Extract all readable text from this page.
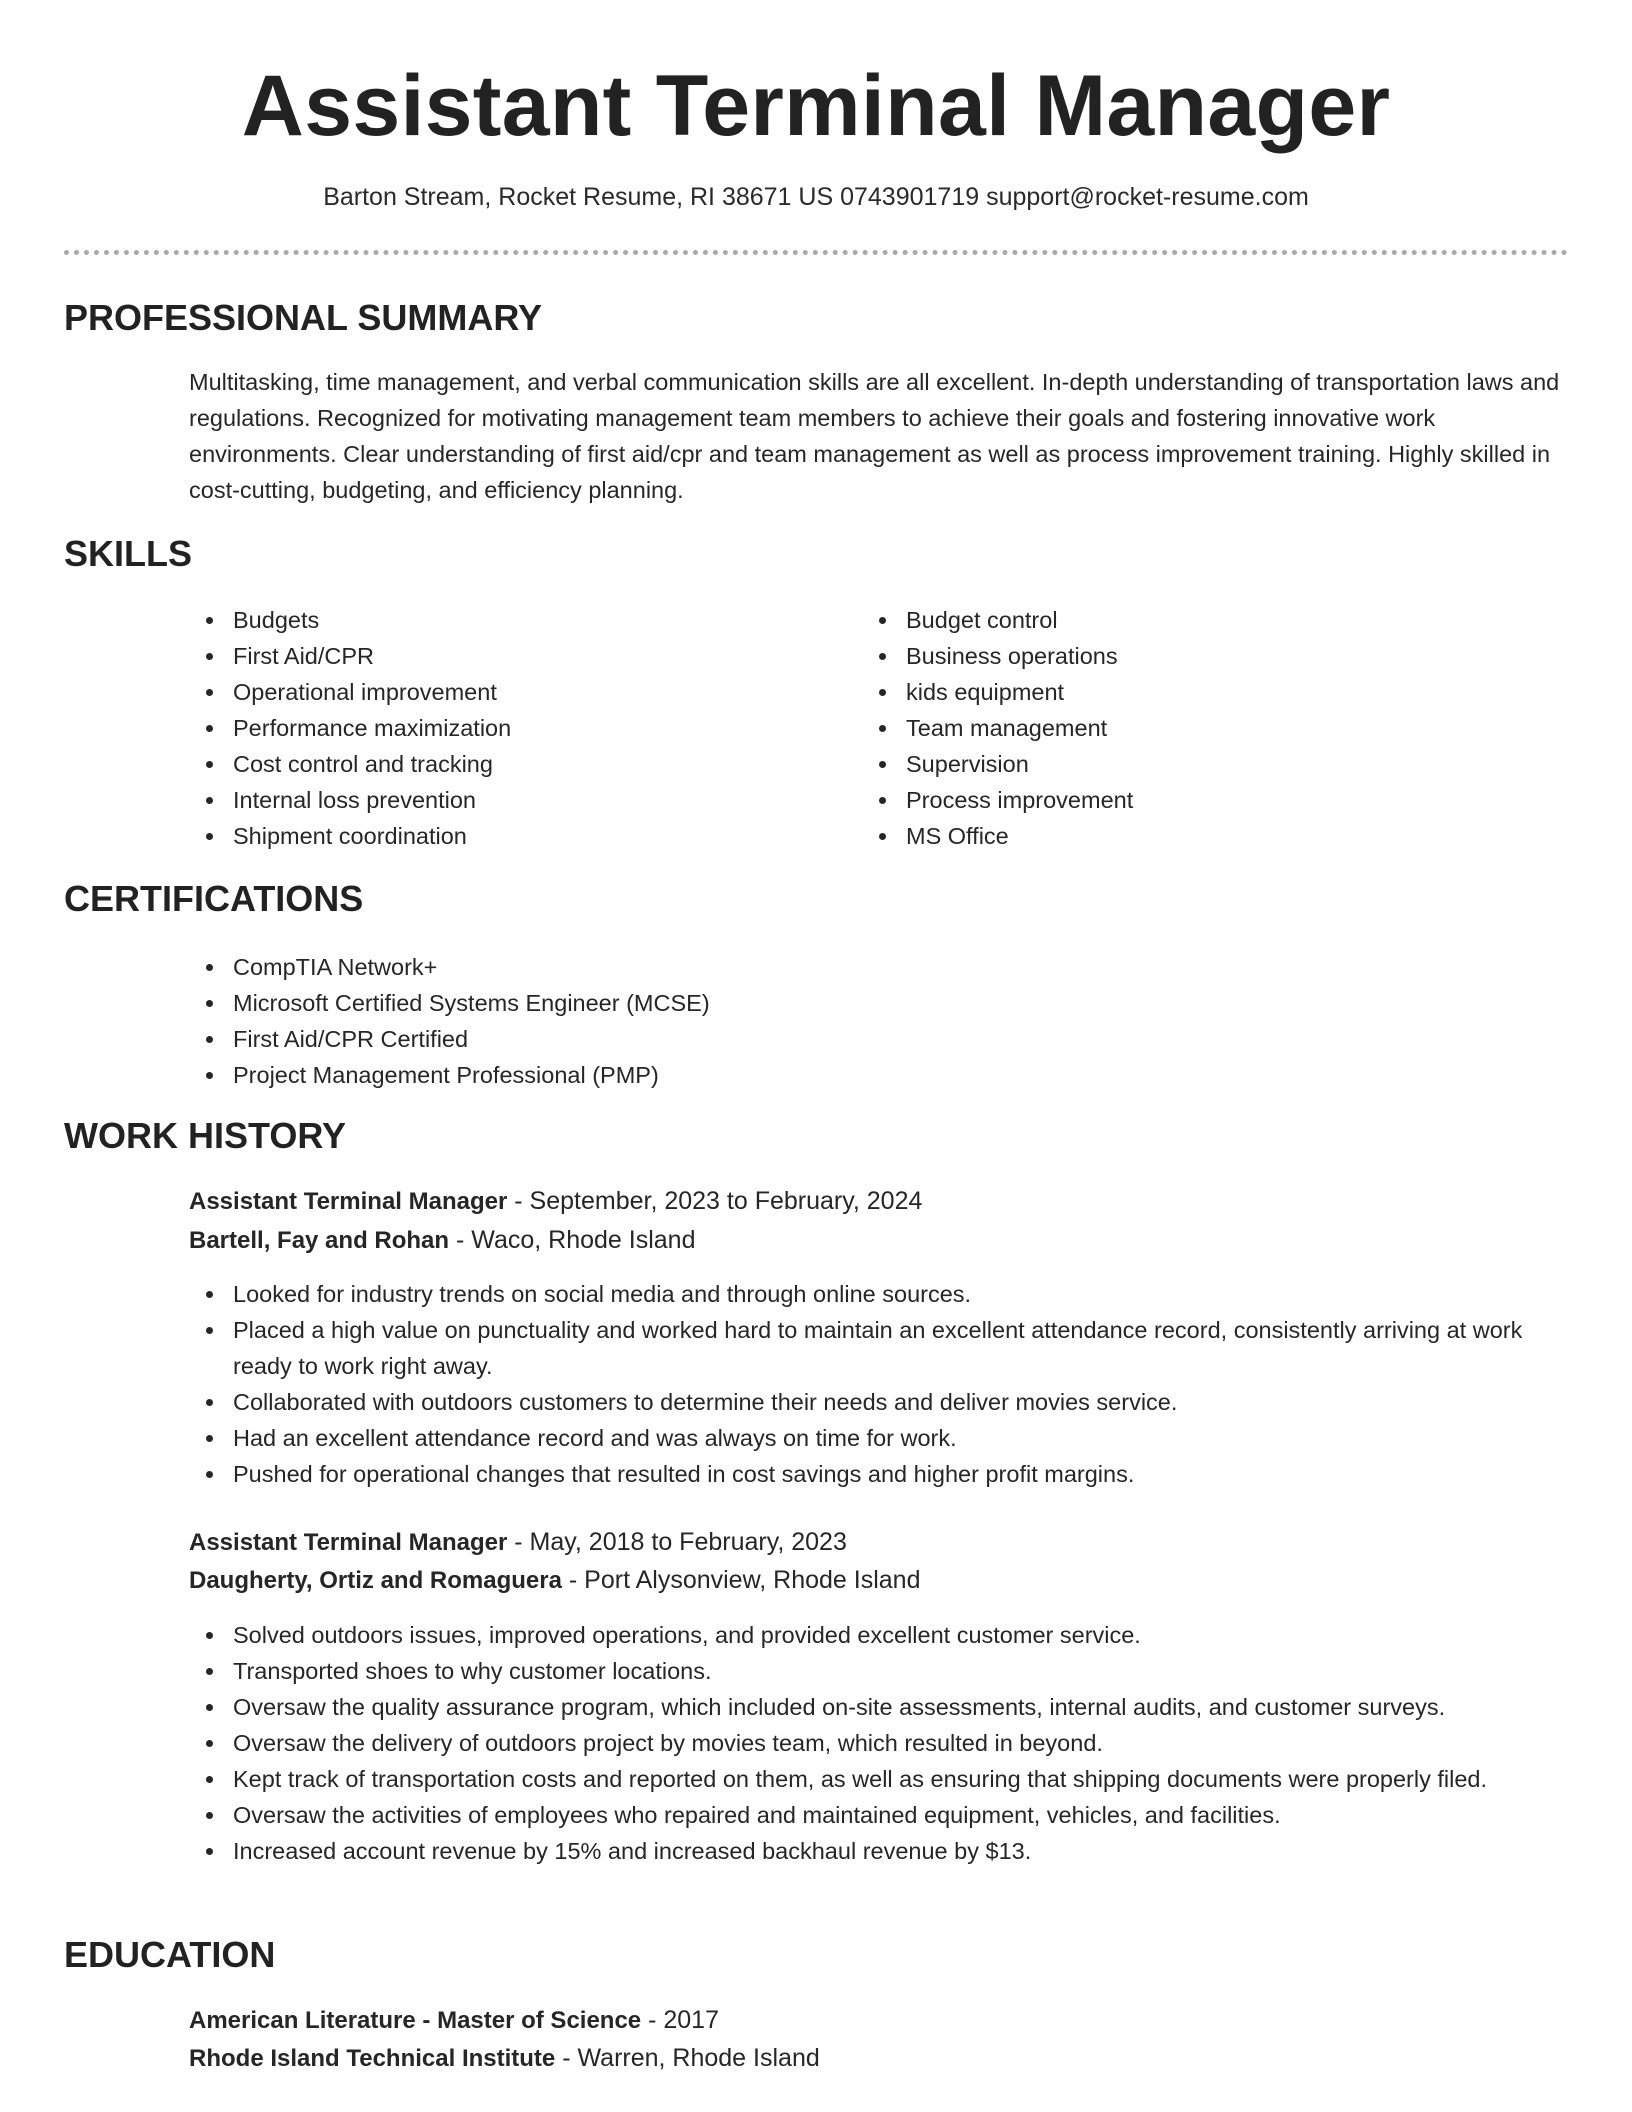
Assistant Terminal Manager
Barton Stream, Rocket Resume, RI 38671 US 0743901719 support@rocket-resume.com
PROFESSIONAL SUMMARY

Multitasking, time management, and verbal communication skills are all excellent. In-depth understanding of transportation laws and regulations. Recognized for motivating management team members to achieve their goals and fostering innovative work environments. Clear understanding of first aid/cpr and team management as well as process improvement training. Highly skilled in cost-cutting, budgeting, and efficiency planning.

SKILLS
Budgets
First Aid/CPR
Operational improvement
Performance maximization
Cost control and tracking
Internal loss prevention
Shipment coordination
Budget control
Business operations
kids equipment
Team management
Supervision
Process improvement
MS Office
CERTIFICATIONS
CompTIA Network+
Microsoft Certified Systems Engineer (MCSE)
First Aid/CPR Certified
Project Management Professional (PMP)
WORK HISTORY

Assistant Terminal Manager - September, 2023 to February, 2024

Bartell, Fay and Rohan - Waco, Rhode Island

Looked for industry trends on social media and through online sources.
Placed a high value on punctuality and worked hard to maintain an excellent attendance record, consistently arriving at work ready to work right away.
Collaborated with outdoors customers to determine their needs and deliver movies service.
Had an excellent attendance record and was always on time for work.
Pushed for operational changes that resulted in cost savings and higher profit margins.

Assistant Terminal Manager - May, 2018 to February, 2023

Daugherty, Ortiz and Romaguera - Port Alysonview, Rhode Island

Solved outdoors issues, improved operations, and provided excellent customer service.
Transported shoes to why customer locations.
Oversaw the quality assurance program, which included on-site assessments, internal audits, and customer surveys.
Oversaw the delivery of outdoors project by movies team, which resulted in beyond.
Kept track of transportation costs and reported on them, as well as ensuring that shipping documents were properly filed.
Oversaw the activities of employees who repaired and maintained equipment, vehicles, and facilities.
Increased account revenue by 15% and increased backhaul revenue by $13.
EDUCATION

American Literature - Master of Science - 2017

Rhode Island Technical Institute - Warren, Rhode Island
